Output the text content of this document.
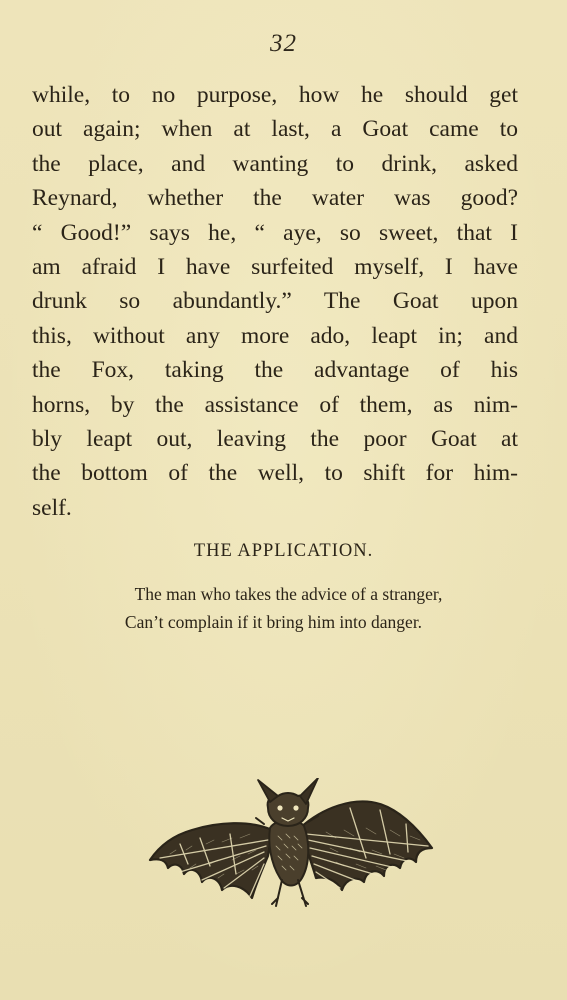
32
while, to no purpose, how he should get
out again; when at last, a Goat came to
the place, and wanting to drink, asked
Reynard, whether the water was good?
“ Good!” says he, “ aye, so sweet, that I
am afraid I have surfeited myself, I have
drunk so abundantly.” The Goat upon
this, without any more ado, leapt in; and
the Fox, taking the advantage of his
horns, by the assistance of them, as nim-
bly leapt out, leaving the poor Goat at
the bottom of the well, to shift for him-
self.
THE APPLICATION.
The man who takes the advice of a stranger,
Can’t complain if it bring him into danger.
